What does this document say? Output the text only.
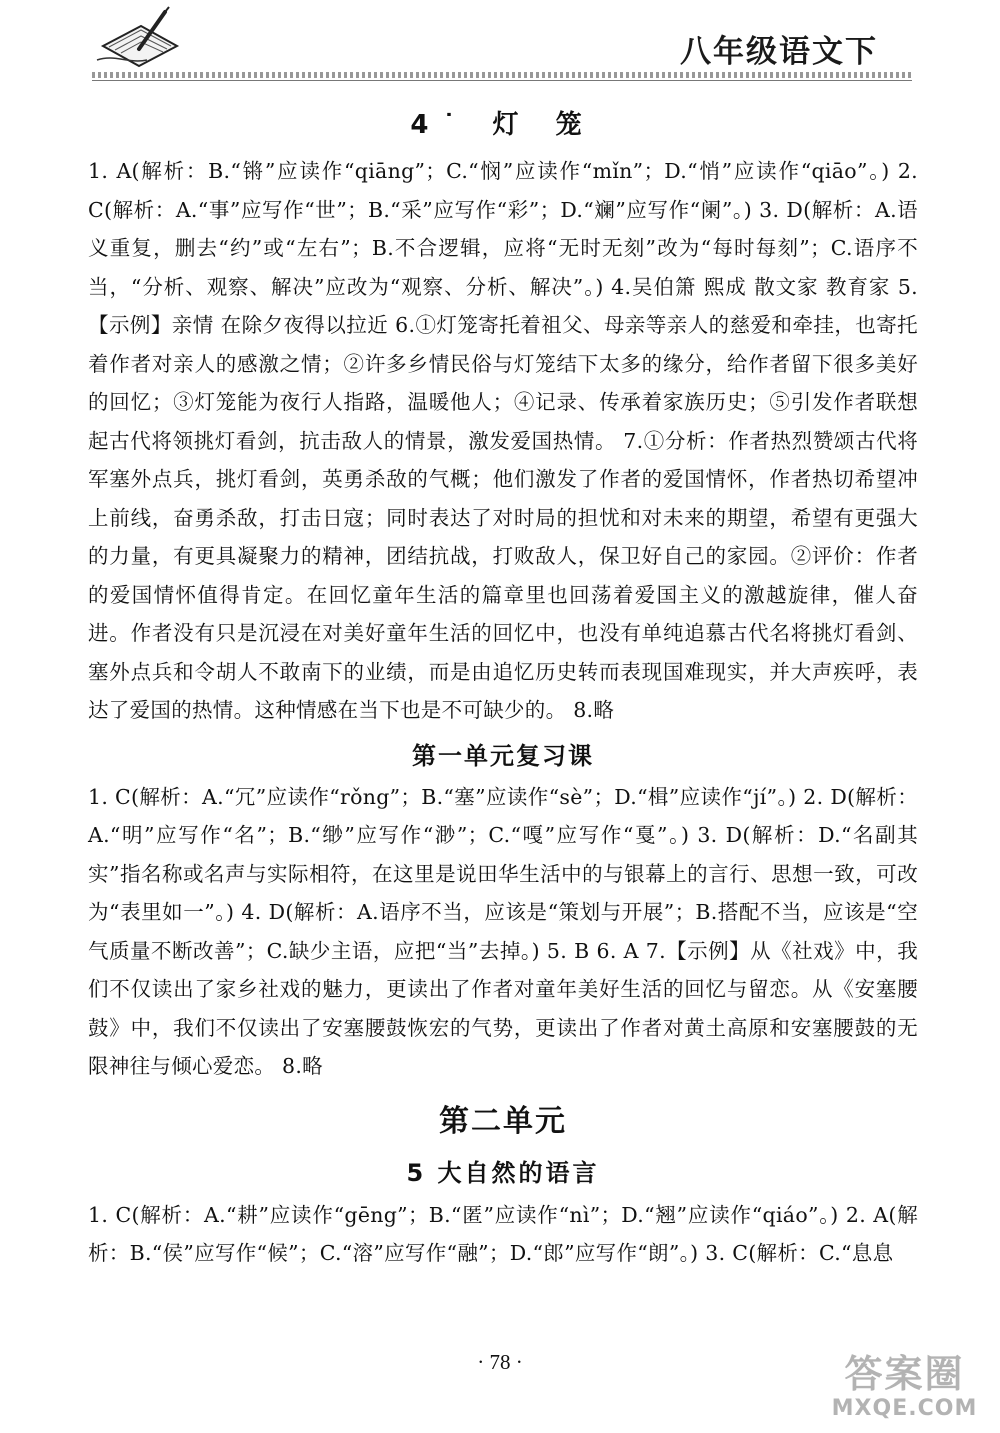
八年级语文下
4˙ 灯 笼

1. A(解析：B.“锵”应读作“qiāng”；C.“悯”应读作“mǐn”；D.“悄”应读作“qiāo”。) 2. C(解析：A.“事”应写作“世”；B.“采”应写作“彩”；D.“斓”应写作“阑”。) 3. D(解析：A.语义重复，删去“约”或“左右”；B.不合逻辑，应将“无时无刻”改为“每时每刻”；C.语序不当，“分析、观察、解决”应改为“观察、分析、解决”。) 4.吴伯箫 熙成 散文家 教育家 5.【示例】亲情 在除夕夜得以拉近 6.①灯笼寄托着祖父、母亲等亲人的慈爱和牵挂，也寄托着作者对亲人的感激之情；②许多乡情民俗与灯笼结下太多的缘分，给作者留下很多美好的回忆；③灯笼能为夜行人指路，温暖他人；④记录、传承着家族历史；⑤引发作者联想起古代将领挑灯看剑，抗击敌人的情景，激发爱国热情。 7.①分析：作者热烈赞颂古代将军塞外点兵，挑灯看剑，英勇杀敌的气概；他们激发了作者的爱国情怀，作者热切希望冲上前线，奋勇杀敌，打击日寇；同时表达了对时局的担忧和对未来的期望，希望有更强大的力量，有更具凝聚力的精神，团结抗战，打败敌人，保卫好自己的家园。②评价：作者的爱国情怀值得肯定。在回忆童年生活的篇章里也回荡着爱国主义的激越旋律，催人奋进。作者没有只是沉浸在对美好童年生活的回忆中，也没有单纯追慕古代名将挑灯看剑、塞外点兵和令胡人不敢南下的业绩，而是由追忆历史转而表现国难现实，并大声疾呼，表达了爱国的热情。这种情感在当下也是不可缺少的。 8.略

第一单元复习课

1. C(解析：A.“冗”应读作“rǒng”；B.“塞”应读作“sè”；D.“楫”应读作“jí”。) 2. D(解析：A.“明”应写作“名”；B.“缈”应写作“渺”；C.“嘎”应写作“戛”。) 3. D(解析：D.“名副其实”指名称或名声与实际相符，在这里是说田华生活中的与银幕上的言行、思想一致，可改为“表里如一”。) 4. D(解析：A.语序不当，应该是“策划与开展”；B.搭配不当，应该是“空气质量不断改善”；C.缺少主语，应把“当”去掉。) 5. B 6. A 7.【示例】从《社戏》中，我们不仅读出了家乡社戏的魅力，更读出了作者对童年美好生活的回忆与留恋。从《安塞腰鼓》中，我们不仅读出了安塞腰鼓恢宏的气势，更读出了作者对黄土高原和安塞腰鼓的无限神往与倾心爱恋。 8.略

第二单元
5 大自然的语言

1. C(解析：A.“耕”应读作“gēng”；B.“匿”应读作“nì”；D.“翘”应读作“qiáo”。) 2. A(解析：B.“侯”应写作“候”；C.“溶”应写作“融”；D.“郎”应写作“朗”。) 3. C(解析：C.“息息

· 78 ·	答案圈
MXQE.COM
